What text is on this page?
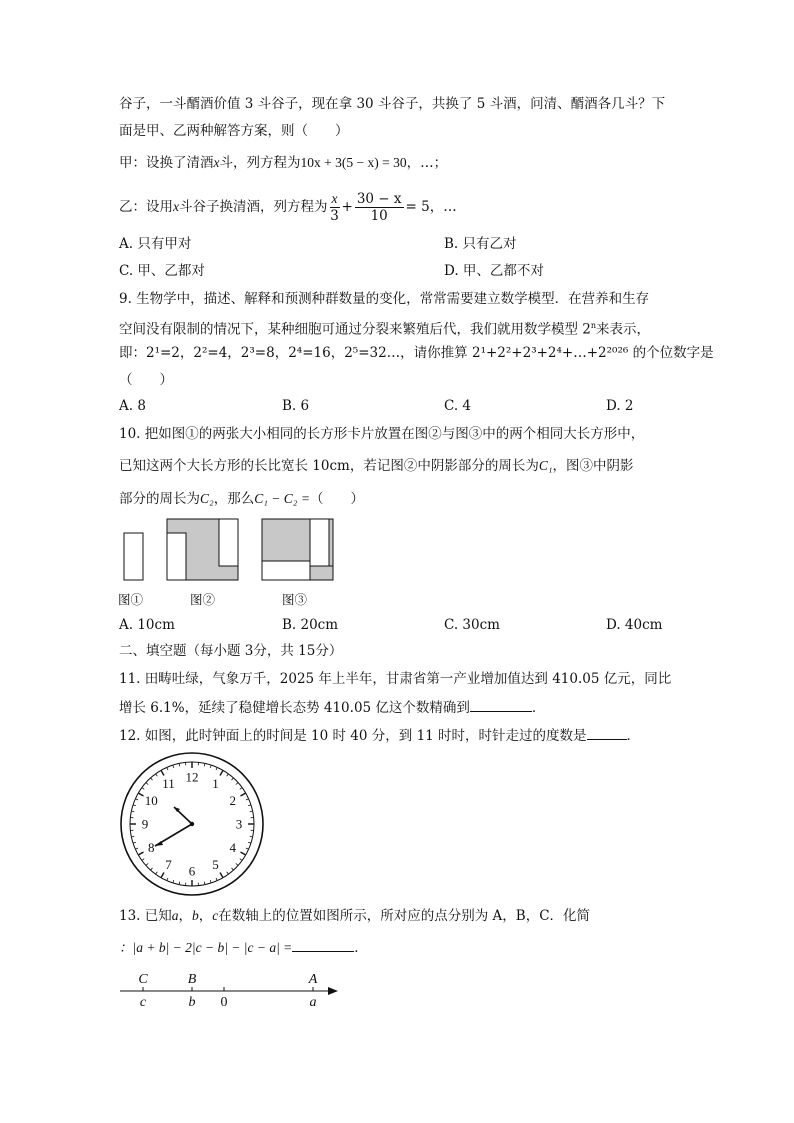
谷子，一斗醑酒价值 3 斗谷子，现在拿 30 斗谷子，共换了 5 斗酒，问清、醑酒各几斗？下
面是甲、乙两种解答方案，则（　　）
甲：设换了清酒x斗，列方程为10x + 3(5 − x) = 30，…；
乙：设用x斗谷子换清酒，列方程为 $\frac{x}{3} + \frac{30 - x}{10} = 5$，…
A. 只有甲对	B. 只有乙对
C. 甲、乙都对	D. 甲、乙都不对
9. 生物学中，描述、解释和预测种群数量的变化，常常需要建立数学模型．在营养和生存
空间没有限制的情况下，某种细胞可通过分裂来繁殖后代，我们就用数学模型 2$^n$来表示，
即：2¹=2，2²=4，2³=8，2⁴=16，2⁵=32…，请你推算 2¹+2²+2³+2⁴+…+2²⁰²⁶ 的个位数字是
（　　）
A. 8	B. 6	C. 4	D. 2
10. 把如图①的两张大小相同的长方形卡片放置在图②与图③中的两个相同大长方形中，
已知这两个大长方形的长比宽长 10cm，若记图②中阴影部分的周长为C₁，图③中阴影
部分的周长为C₂，那么C₁ − C₂ =（　　）
图①	图②	图③
A. 10cm	B. 20cm	C. 30cm	D. 40cm
二、填空题（每小题 3分，共 15分）
11. 田畴吐绿，气象万千，2025 年上半年，甘肃省第一产业增加值达到 410.05 亿元，同比
增长 6.1%，延续了稳健增长态势 410.05 亿这个数精确到	．
12. 如图，此时钟面上的时间是 10 时 40 分，到 11 时时，时针走过的度数是	．
12 1
2
3
4
5
6
7
8
9
10
11
13. 已知a，b，c在数轴上的位置如图所示，所对应的点分别为 A，B，C．化简
：|a + b| − 2|c − b| − |c − a| =	．
C	B	A
c	b 0	a
